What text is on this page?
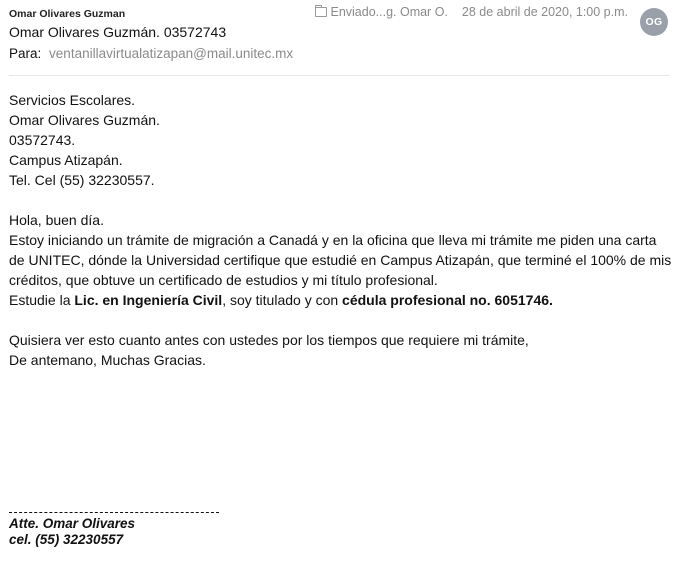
Omar Olivares Guzman
Omar Olivares Guzmán. 03572743
Para: ventanillavirtualatizapan@mail.unitec.mx
Enviado...g. Omar O. 28 de abril de 2020, 1:00 p.m.
OG

Servicios Escolares.

Omar Olivares Guzmán.

03572743.

Campus Atizapán.

Tel. Cel (55) 32230557.

Hola, buen día.

Estoy iniciando un trámite de migración a Canadá y en la oficina que lleva mi trámite me piden una carta de UNITEC, dónde la Universidad certifique que estudié en Campus Atizapán, que terminé el 100% de mis créditos, que obtuve un certificado de estudios y mi título profesional.

Estudie la Lic. en Ingeniería Civil, soy titulado y con cédula profesional no. 6051746.

Quisiera ver esto cuanto antes con ustedes por los tiempos que requiere mi trámite,

De antemano, Muchas Gracias.

Atte. Omar Olivares
cel. (55) 32230557
